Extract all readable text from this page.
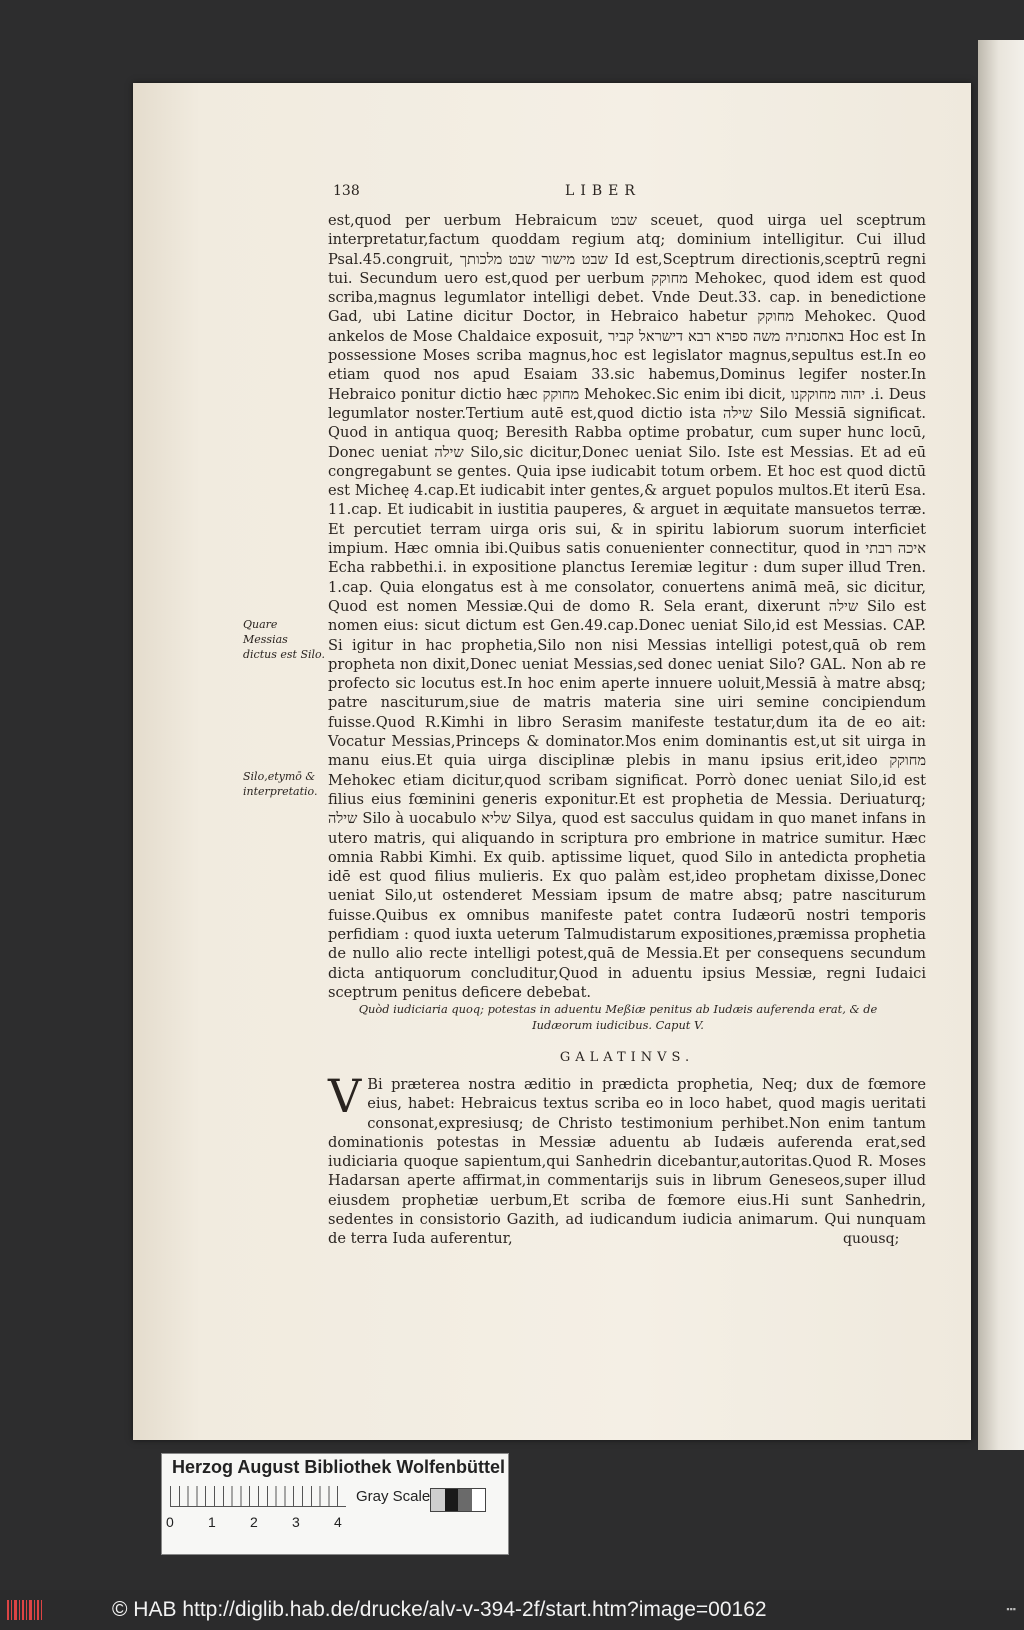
138	LIBER

est,quod per uerbum Hebraicum שבט sceuet, quod uirga uel sceptrum interpretatur,factum quoddam regium atq; dominium intelligitur. Cui illud Psal.45.congruit, שבט מישור שבט מלכותך Id est,Sceptrum directionis,sceptrū regni tui. Secundum uero est,quod per uerbum מחוקק Mehokec, quod idem est quod scriba,magnus legumlator intelligi debet. Vnde Deut.33. cap. in benedictione Gad, ubi Latine dicitur Doctor, in Hebraico habetur מחוקק Mehokec. Quod ankelos de Mose Chaldaice exposuit, באחסנתיה משה ספרא רבא דישראל קביר Hoc est In possessione Moses scriba magnus,hoc est legislator magnus,sepultus est.In eo etiam quod nos apud Esaiam 33.sic habemus,Dominus legifer noster.In Hebraico ponitur dictio hæc מחוקק Mehokec.Sic enim ibi dicit, יהוה מחוקקנו .i. Deus legumlator noster.Tertium autē est,quod dictio ista שילה Silo Messiā significat. Quod in antiqua quoq; Beresith Rabba optime probatur, cum super hunc locū, Donec ueniat שילה Silo,sic dicitur,Donec ueniat Silo. Iste est Messias. Et ad eū congregabunt se gentes. Quia ipse iudicabit totum orbem. Et hoc est quod dictū est Micheę 4.cap.Et iudicabit inter gentes,& arguet populos multos.Et iterū Esa. 11.cap. Et iudicabit in iustitia pauperes, & arguet in æquitate mansuetos terræ. Et percutiet terram uirga oris sui, & in spiritu labiorum suorum interficiet impium. Hæc omnia ibi.Quibus satis conuenienter connectitur, quod in איכה רבתי Echa rabbethi.i. in expositione planctus Ieremiæ legitur : dum super illud Tren. 1.cap. Quia elongatus est à me consolator, conuertens animā meā, sic dicitur, Quod est nomen Messiæ.Qui de domo R. Sela erant, dixerunt שילה Silo est nomen eius: sicut dictum est Gen.49.cap.Donec ueniat Silo,id est Messias. CAP. Si igitur in hac prophetia,Silo non nisi Messias intelligi potest,quā ob rem propheta non dixit,Donec ueniat Messias,sed donec ueniat Silo? GAL. Non ab re profecto sic locutus est.In hoc enim aperte innuere uoluit,Messiā à matre absq; patre nasciturum,siue de matris materia sine uiri semine concipiendum fuisse.Quod R.Kimhi in libro Serasim manifeste testatur,dum ita de eo ait: Vocatur Messias,Princeps & dominator.Mos enim dominantis est,ut sit uirga in manu eius.Et quia uirga disciplinæ plebis in manu ipsius erit,ideo מחוקק Mehokec etiam dicitur,quod scribam significat. Porrò donec ueniat Silo,id est filius eius fœminini generis exponitur.Et est prophetia de Messia. Deriuaturq; שילה Silo à uocabulo שליא Silya, quod est sacculus quidam in quo manet infans in utero matris, qui aliquando in scriptura pro embrione in matrice sumitur. Hæc omnia Rabbi Kimhi. Ex quib. aptissime liquet, quod Silo in antedicta prophetia idē est quod filius mulieris. Ex quo palàm est,ideo prophetam dixisse,Donec ueniat Silo,ut ostenderet Messiam ipsum de matre absq; patre nasciturum fuisse.Quibus ex omnibus manifeste patet contra Iudæorū nostri temporis perfidiam : quod iuxta ueterum Talmudistarum expositiones,præmissa prophetia de nullo alio recte intelligi potest,quā de Messia.Et per consequens secundum dicta antiquorum concluditur,Quod in aduentu ipsius Messiæ, regni Iudaici sceptrum penitus deficere debebat.

Quare Messias dictus est Silo.

Silo,etymō & interpretatio.

Quòd iudiciaria quoq; potestas in aduentu Meßiæ penitus ab Iudæis auferenda erat, & de Iudæorum iudicibus. Caput V.

GALATINVS.

V Bi præterea nostra æditio in prædicta prophetia, Neq; dux de fœmore eius, habet: Hebraicus textus scriba eo in loco habet, quod magis ueritati consonat,expresiusq; de Christo testimonium perhibet.Non enim tantum dominationis potestas in Messiæ aduentu ab Iudæis auferenda erat,sed iudiciaria quoque sapientum,qui Sanhedrin dicebantur,autoritas.Quod R. Moses Hadarsan aperte affirmat,in commentarijs suis in librum Geneseos,super illud eiusdem prophetiæ uerbum,Et scriba de fœmore eius.Hi sunt Sanhedrin, sedentes in consistorio Gazith, ad iudicandum iudicia animarum. Qui nunquam de terra Iuda auferentur,	quousq;
Herzog August Bibliothek Wolfenbüttel
0 1 2 3 4
Gray Scale
© HAB http://diglib.hab.de/drucke/alv-v-394-2f/start.htm?image=00162	▪▪▪
